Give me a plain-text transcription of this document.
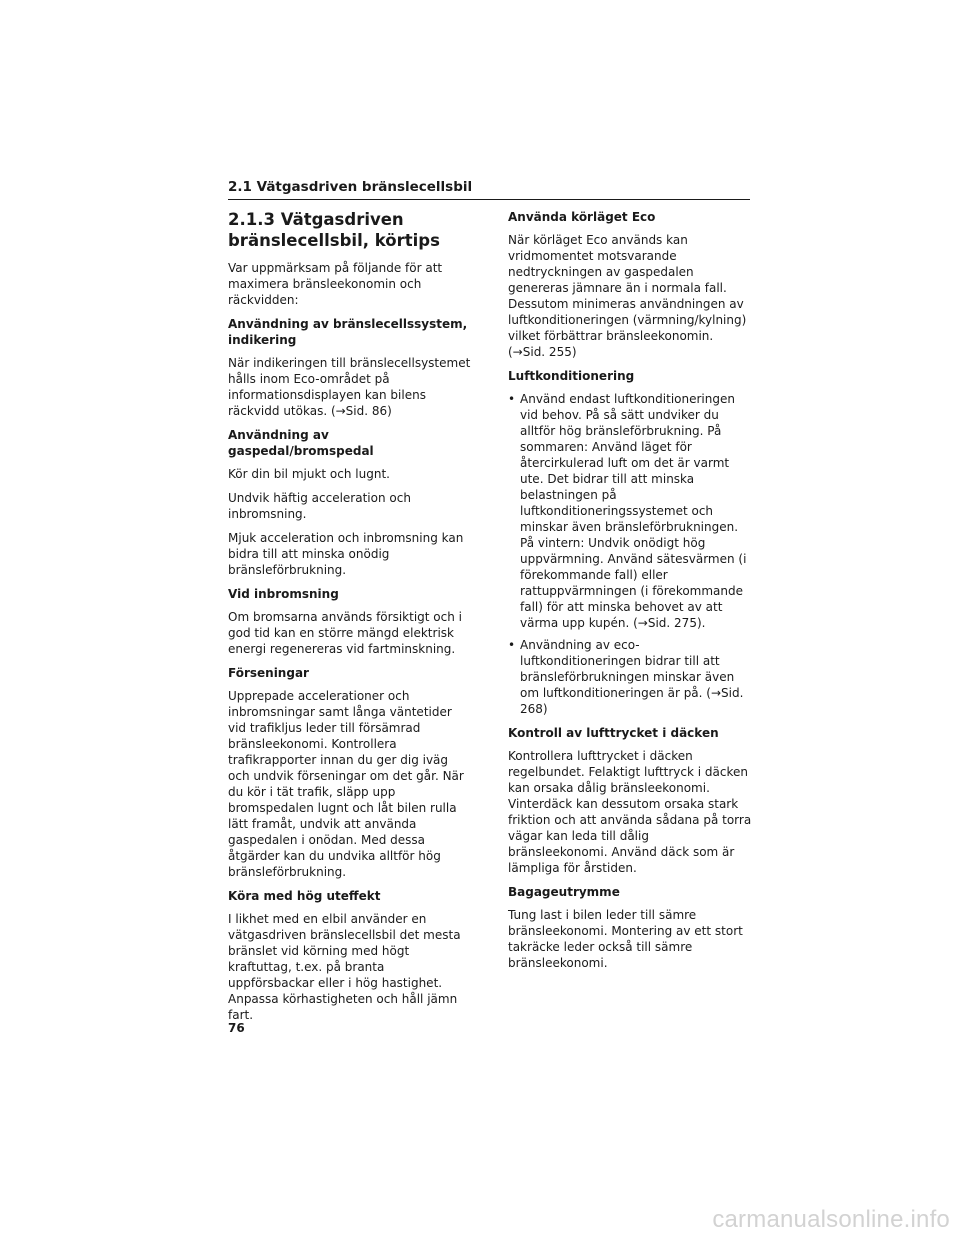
2.1 Vätgasdriven bränslecellsbil
2.1.3 Vätgasdriven bränslecellsbil, körtips

Var uppmärksam på följande för att maximera bränsleekonomin och räckvidden:

Användning av bränslecellssystem, indikering

När indikeringen till bränslecellsystemet hålls inom Eco-området på informationsdisplayen kan bilens räckvidd utökas. (→Sid. 86)

Användning av gaspedal/bromspedal

Kör din bil mjukt och lugnt.

Undvik häftig acceleration och inbromsning.

Mjuk acceleration och inbromsning kan bidra till att minska onödig bränsleförbrukning.

Vid inbromsning

Om bromsarna används försiktigt och i god tid kan en större mängd elektrisk energi regenereras vid fartminskning.

Förseningar

Upprepade accelerationer och inbromsningar samt långa väntetider vid trafikljus leder till försämrad bränsleekonomi. Kontrollera trafikrapporter innan du ger dig iväg och undvik förseningar om det går. När du kör i tät trafik, släpp upp bromspedalen lugnt och låt bilen rulla lätt framåt, undvik att använda gaspedalen i onödan. Med dessa åtgärder kan du undvika alltför hög bränsleförbrukning.

Köra med hög uteffekt

I likhet med en elbil använder en vätgasdriven bränslecellsbil det mesta bränslet vid körning med högt kraftuttag, t.ex. på branta uppförsbackar eller i hög hastighet. Anpassa körhastigheten och håll jämn fart.

Använda körläget Eco

När körläget Eco används kan vridmomentet motsvarande nedtryckningen av gaspedalen genereras jämnare än i normala fall. Dessutom minimeras användningen av luftkonditioneringen (värmning/kylning) vilket förbättrar bränsleekonomin. (→Sid. 255)

Luftkonditionering
• Använd endast luftkonditioneringen vid behov. På så sätt undviker du alltför hög bränsleförbrukning. På sommaren: Använd läget för återcirkulerad luft om det är varmt ute. Det bidrar till att minska belastningen på luftkonditioneringssystemet och minskar även bränsleförbrukningen. På vintern: Undvik onödigt hög uppvärmning. Använd sätesvärmen (i förekommande fall) eller rattuppvärmningen (i förekommande fall) för att minska behovet av att värma upp kupén. (→Sid. 275).
• Användning av eco-luftkonditioneringen bidrar till att bränsleförbrukningen minskar även om luftkonditioneringen är på. (→Sid. 268)
Kontroll av lufttrycket i däcken

Kontrollera lufttrycket i däcken regelbundet. Felaktigt lufttryck i däcken kan orsaka dålig bränsleekonomi. Vinterdäck kan dessutom orsaka stark friktion och att använda sådana på torra vägar kan leda till dålig bränsleekonomi. Använd däck som är lämpliga för årstiden.

Bagageutrymme

Tung last i bilen leder till sämre bränsleekonomi. Montering av ett stort takräcke leder också till sämre bränsleekonomi.

76
carmanualsonline.info
